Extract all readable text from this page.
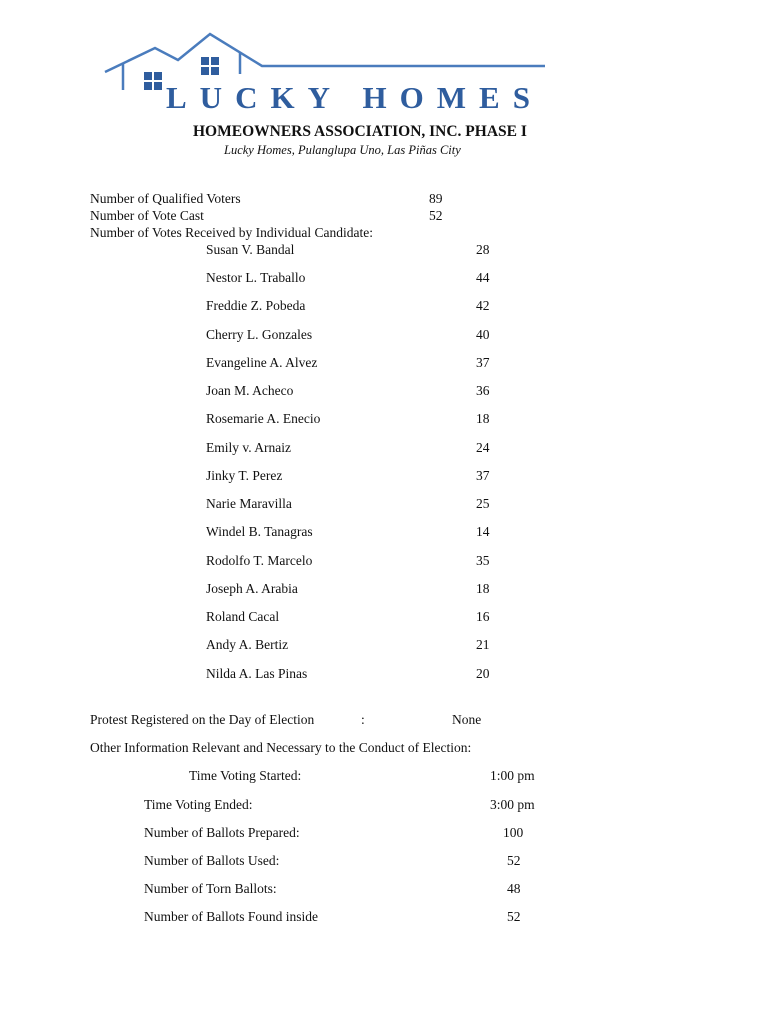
LUCKY HOMES
HOMEOWNERS ASSOCIATION, INC. PHASE I
Lucky Homes, Pulanglupa Uno, Las Piñas City
Number of Qualified Voters	89
Number of Vote Cast	52
Number of Votes Received by Individual Candidate:
Susan V. Bandal	28
Nestor L. Traballo	44
Freddie Z. Pobeda	42
Cherry L. Gonzales	40
Evangeline A. Alvez	37
Joan M. Acheco	36
Rosemarie A. Enecio	18
Emily v. Arnaiz	24
Jinky T. Perez	37
Narie Maravilla	25
Windel B. Tanagras	14
Rodolfo T. Marcelo	35
Joseph A. Arabia	18
Roland Cacal	16
Andy A. Bertiz	21
Nilda A. Las Pinas	20
Protest Registered on the Day of Election	:	None
Other Information Relevant and Necessary to the Conduct of Election:
Time Voting Started:	1:00 pm
Time Voting Ended:	3:00 pm
Number of Ballots Prepared:	100
Number of Ballots Used:	52
Number of Torn Ballots:	48
Number of Ballots Found inside	52
